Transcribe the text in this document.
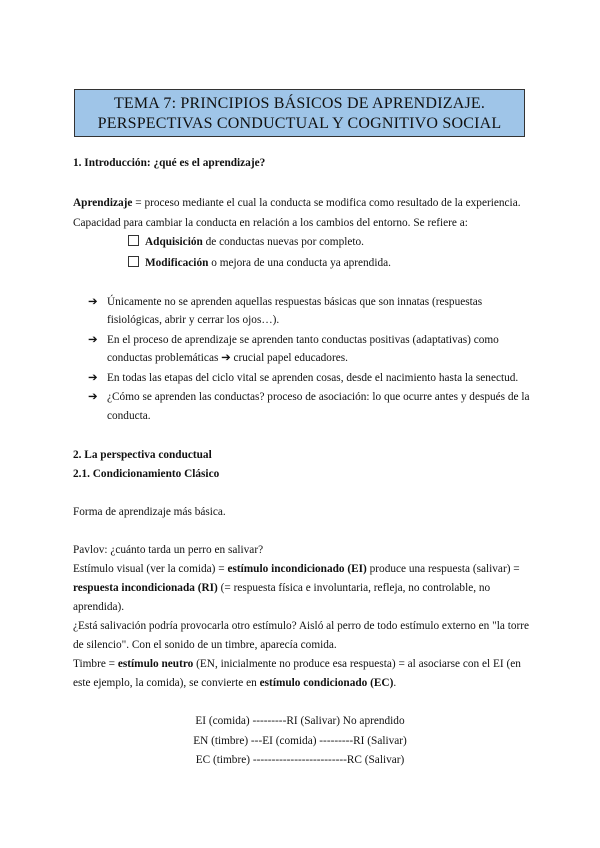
TEMA 7: PRINCIPIOS BÁSICOS DE APRENDIZAJE.
PERSPECTIVAS CONDUCTUAL Y COGNITIVO SOCIAL
1. Introducción: ¿qué es el aprendizaje?
Aprendizaje = proceso mediante el cual la conducta se modifica como resultado de la experiencia.
Capacidad para cambiar la conducta en relación a los cambios del entorno. Se refiere a:
Adquisición de conductas nuevas por completo.
Modificación o mejora de una conducta ya aprendida.
➔ Únicamente no se aprenden aquellas respuestas básicas que son innatas (respuestas
fisiológicas, abrir y cerrar los ojos…).
➔ En el proceso de aprendizaje se aprenden tanto conductas positivas (adaptativas) como
conductas problemáticas ➔ crucial papel educadores.
➔ En todas las etapas del ciclo vital se aprenden cosas, desde el nacimiento hasta la senectud.
➔ ¿Cómo se aprenden las conductas? proceso de asociación: lo que ocurre antes y después de la
conducta.
2. La perspectiva conductual
2.1. Condicionamiento Clásico
Forma de aprendizaje más básica.
Pavlov: ¿cuánto tarda un perro en salivar?
Estímulo visual (ver la comida) = estímulo incondicionado (EI) produce una respuesta (salivar) =
respuesta incondicionada (RI) (= respuesta física e involuntaria, refleja, no controlable, no
aprendida).
¿Está salivación podría provocarla otro estímulo? Aisló al perro de todo estímulo externo en "la torre
de silencio". Con el sonido de un timbre, aparecía comida.
Timbre = estímulo neutro (EN, inicialmente no produce esa respuesta) = al asociarse con el EI (en
este ejemplo, la comida), se convierte en estímulo condicionado (EC).
EI (comida) ---------RI (Salivar) No aprendido
EN (timbre) ---EI (comida) ---------RI (Salivar)
EC (timbre) -------------------------RC (Salivar)
